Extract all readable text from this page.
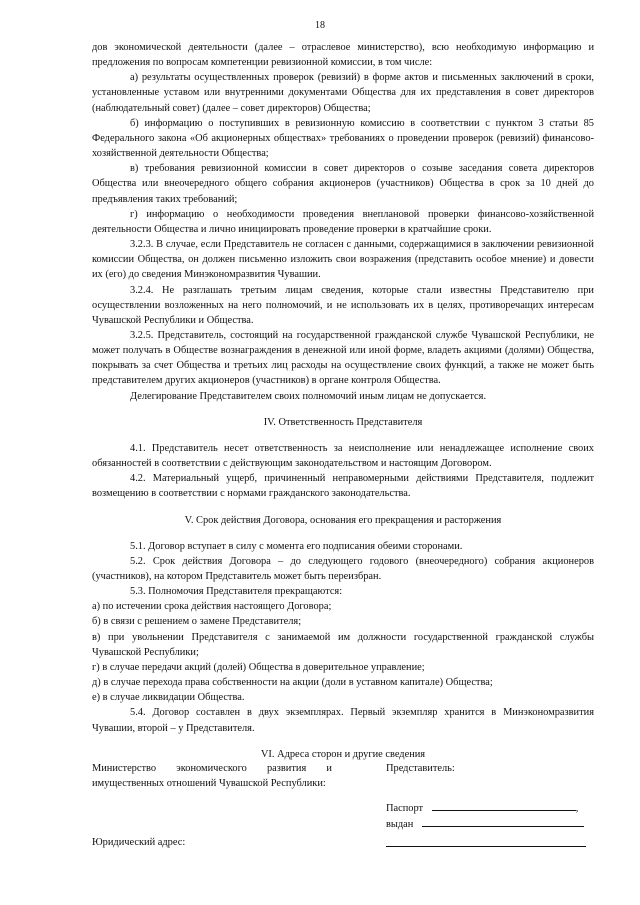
18

дов экономической деятельности (далее – отраслевое министерство), всю необходимую информацию и предложения по вопросам компетенции ревизионной комиссии, в том числе:

а) результаты осуществленных проверок (ревизий) в форме актов и письменных заключений в сроки, установленные уставом или внутренними документами Общества для их представления в совет директоров (наблюдательный совет) (далее – совет директоров) Общества;

б) информацию о поступивших в ревизионную комиссию в соответствии с пунктом 3 статьи 85 Федерального закона «Об акционерных обществах» требованиях о проведении проверок (ревизий) финансово-хозяйственной деятельности Общества;

в) требования ревизионной комиссии в совет директоров о созыве заседания совета директоров Общества или внеочередного общего собрания акционеров (участников) Общества в срок за 10 дней до предъявления таких требований;

г) информацию о необходимости проведения внеплановой проверки финансово-хозяйственной деятельности Общества и лично инициировать проведение проверки в кратчайшие сроки.

3.2.3. В случае, если Представитель не согласен с данными, содержащимися в заключении ревизионной комиссии Общества, он должен письменно изложить свои возражения (представить особое мнение) и довести их (его) до сведения Минэкономразвития Чувашии.

3.2.4. Не разглашать третьим лицам сведения, которые стали известны Представителю при осуществлении возложенных на него полномочий, и не использовать их в целях, противоречащих интересам Чувашской Республики и Общества.

3.2.5. Представитель, состоящий на государственной гражданской службе Чувашской Республики, не может получать в Обществе вознаграждения в денежной или иной форме, владеть акциями (долями) Общества, покрывать за счет Общества и третьих лиц расходы на осуществление своих функций, а также не может быть представителем других акционеров (участников) в органе контроля Общества.

Делегирование Представителем своих полномочий иным лицам не допускается.

IV. Ответственность Представителя

4.1. Представитель несет ответственность за неисполнение или ненадлежащее исполнение своих обязанностей в соответствии с действующим законодательством и настоящим Договором.

4.2. Материальный ущерб, причиненный неправомерными действиями Представителя, подлежит возмещению в соответствии с нормами гражданского законодательства.

V. Срок действия Договора, основания его прекращения и расторжения

5.1. Договор вступает в силу с момента его подписания обеими сторонами.

5.2. Срок действия Договора – до следующего годового (внеочередного) собрания акционеров (участников), на котором Представитель может быть переизбран.

5.3. Полномочия Представителя прекращаются:

а) по истечении срока действия настоящего Договора;

б) в связи с решением о замене Представителя;

в) при увольнении Представителя с занимаемой им должности государственной гражданской службы Чувашской Республики;

г) в случае передачи акций (долей) Общества в доверительное управление;

д) в случае перехода права собственности на акции (доли в уставном капитале) Общества;

е) в случае ликвидации Общества.

5.4. Договор составлен в двух экземплярах. Первый экземпляр хранится в Минэкономразвития Чувашии, второй – у Представителя.

VI. Адреса сторон и другие сведения

Министерство экономического развития и имущественных отношений Чувашской Республики:

Юридический адрес:

Представитель:

Паспорт	,
выдан
